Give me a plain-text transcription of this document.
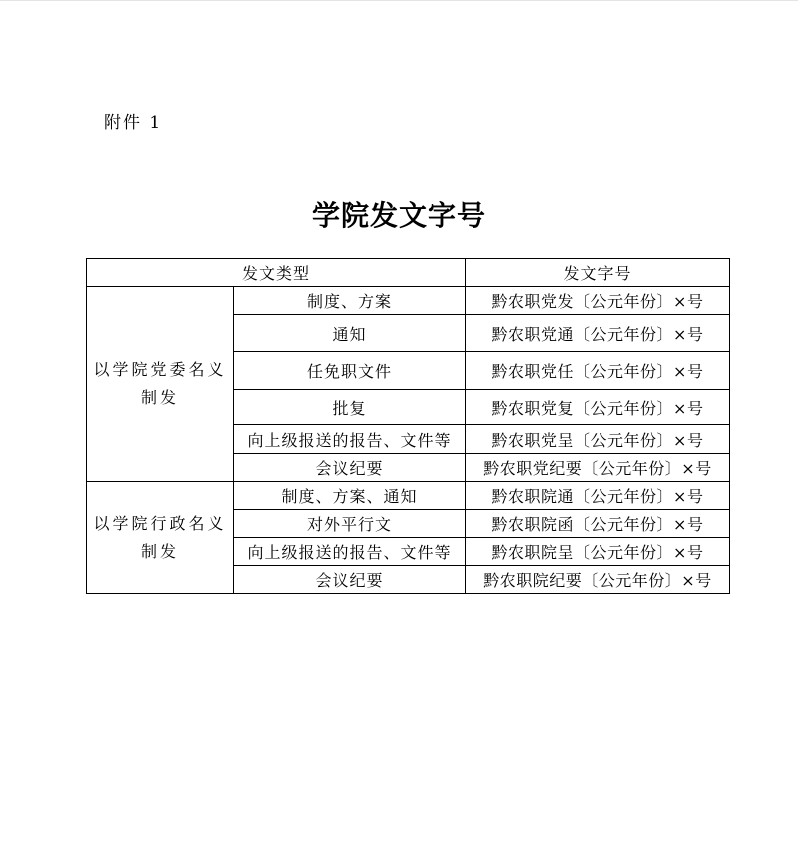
附件 1
学院发文字号
发文类型		发文字号
以学院党委名义制发	制度、方案	黔农职党发〔公元年份〕×号
	通知	黔农职党通〔公元年份〕×号
	任免职文件	黔农职党任〔公元年份〕×号
	批复	黔农职党复〔公元年份〕×号
	向上级报送的报告、文件等	黔农职党呈〔公元年份〕×号
	会议纪要	黔农职党纪要〔公元年份〕×号
以学院行政名义制发	制度、方案、通知	黔农职院通〔公元年份〕×号
	对外平行文	黔农职院函〔公元年份〕×号
	向上级报送的报告、文件等	黔农职院呈〔公元年份〕×号
	会议纪要	黔农职院纪要〔公元年份〕×号
